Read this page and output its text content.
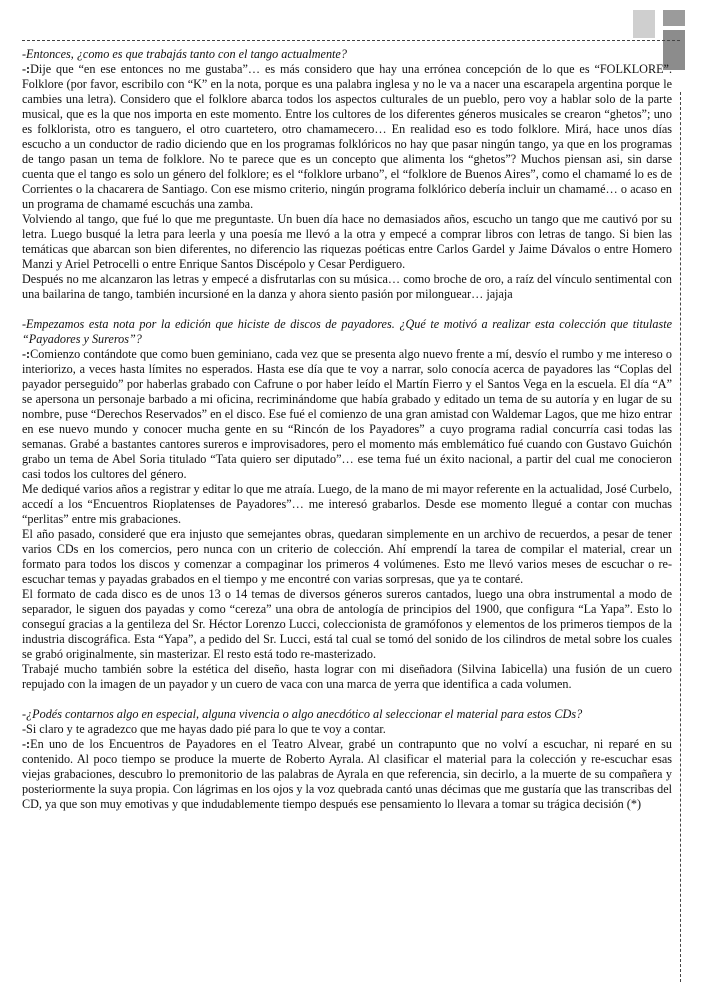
-Entonces, ¿como es que trabajás tanto con el tango actualmente?

-:Dije que “en ese entonces no me gustaba”… es más considero que hay una errónea concepción de lo que es “FOLKLORE”. Folklore (por favor, escribilo con “K” en la nota, porque es una palabra inglesa y no le va a nacer una escarapela argentina porque le cambies una letra). Considero que el folklore abarca todos los aspectos culturales de un pueblo, pero voy a hablar solo de la parte musical, que es la que nos importa en este momento. Entre los cultores de los diferentes géneros musicales se crearon “ghetos”; uno es folklorista, otro es tanguero, el otro cuartetero, otro chamamecero… En realidad eso es todo folklore. Mirá, hace unos días escucho a un conductor de radio diciendo que en los programas folklóricos no hay que pasar ningún tango, ya que en los programas de tango pasan un tema de folklore. No te parece que es un concepto que alimenta los “ghetos”? Muchos piensan asi, sin darse cuenta que el tango es solo un género del folklore; es el “folklore urbano”, el “folklore de Buenos Aires”, como el chamamé lo es de Corrientes o la chacarera de Santiago. Con ese mismo criterio, ningún programa folklórico debería incluir un chamamé… o acaso en un programa de chamamé escuchás una zamba.

Volviendo al tango, que fué lo que me preguntaste. Un buen día hace no demasiados años, escucho un tango que me cautivó por su letra. Luego busqué la letra para leerla y una poesía me llevó a la otra y empecé a comprar libros con letras de tango. Si bien las temáticas que abarcan son bien diferentes, no diferencio las riquezas poéticas entre Carlos Gardel y Jaime Dávalos o entre Homero Manzi y Ariel Petrocelli o entre Enrique Santos Discépolo y Cesar Perdiguero.

Después no me alcanzaron las letras y empecé a disfrutarlas con su música… como broche de oro, a raíz del vínculo sentimental con una bailarina de tango, también incursioné en la danza y ahora siento pasión por milonguear… jajaja

-Empezamos esta nota por la edición que hiciste de discos de payadores. ¿Qué te motivó a realizar esta colección que titulaste “Payadores y Sureros”?

-:Comienzo contándote que como buen geminiano, cada vez que se presenta algo nuevo frente a mí, desvío el rumbo y me intereso o interiorizo, a veces hasta límites no esperados. Hasta ese día que te voy a narrar, solo conocía acerca de payadores las “Coplas del payador perseguido” por haberlas grabado con Cafrune o por haber leído el Martín Fierro y el Santos Vega en la escuela. El día “A” se apersona un personaje barbado a mi oficina, recriminándome que había grabado y editado un tema de su autoría y en lugar de su nombre, puse “Derechos Reservados” en el disco. Ese fué el comienzo de una gran amistad con Waldemar Lagos, que me hizo entrar en ese nuevo mundo y conocer mucha gente en su “Rincón de los Payadores” a cuyo programa radial concurría casi todas las semanas. Grabé a bastantes cantores sureros e improvisadores, pero el momento más emblemático fué cuando con Gustavo Guichón grabo un tema de Abel Soria titulado “Tata quiero ser diputado”… ese tema fué un éxito nacional, a partir del cual me conocieron casi todos los cultores del género.

Me dediqué varios años a registrar y editar lo que me atraía. Luego, de la mano de mi mayor referente en la actualidad, José Curbelo, accedí a los “Encuentros Rioplatenses de Payadores”… me interesó grabarlos. Desde ese momento llegué a contar con muchas “perlitas” entre mis grabaciones.

El año pasado, consideré que era injusto que semejantes obras, quedaran simplemente en un archivo de recuerdos, a pesar de tener varios CDs en los comercios, pero nunca con un criterio de colección. Ahí emprendí la tarea de compilar el material, crear un formato para todos los discos y comenzar a compaginar los primeros 4 volúmenes. Esto me llevó varios meses de escuchar o re-escuchar temas y payadas grabados en el tiempo y me encontré con varias sorpresas, que ya te contaré.

El formato de cada disco es de unos 13 o 14 temas de diversos géneros sureros cantados, luego una obra instrumental a modo de separador, le siguen dos payadas y como “cereza” una obra de antología de principios del 1900, que configura “La Yapa”. Esto lo conseguí gracias a la gentileza del Sr. Héctor Lorenzo Lucci, coleccionista de gramófonos y elementos de los primeros tiempos de la industria discográfica. Esta “Yapa”, a pedido del Sr. Lucci, está tal cual se tomó del sonido de los cilindros de metal sobre los cuales se grabó originalmente, sin masterizar. El resto está todo re-masterizado.

Trabajé mucho también sobre la estética del diseño, hasta lograr con mi diseñadora (Silvina Iabicella) una fusión de un cuero repujado con la imagen de un payador y un cuero de vaca con una marca de yerra que identifica a cada volumen.

-¿Podés contarnos algo en especial, alguna vivencia o algo anecdótico al seleccionar el material para estos CDs?

-Si claro y te agradezco que me hayas dado pié para lo que te voy a contar.

-:En uno de los Encuentros de Payadores en el Teatro Alvear, grabé un contrapunto que no volví a escuchar, ni reparé en su contenido. Al poco tiempo se produce la muerte de Roberto Ayrala. Al clasificar el material para la colección y re-escuchar esas viejas grabaciones, descubro lo premonitorio de las palabras de Ayrala en que referencia, sin decirlo, a la muerte de su compañera y posteriormente la suya propia. Con lágrimas en los ojos y la voz quebrada cantó unas décimas que me gustaría que las transcribas del CD, ya que son muy emotivas y que indudablemente tiempo después ese pensamiento lo llevara a tomar su trágica decisión (*)
